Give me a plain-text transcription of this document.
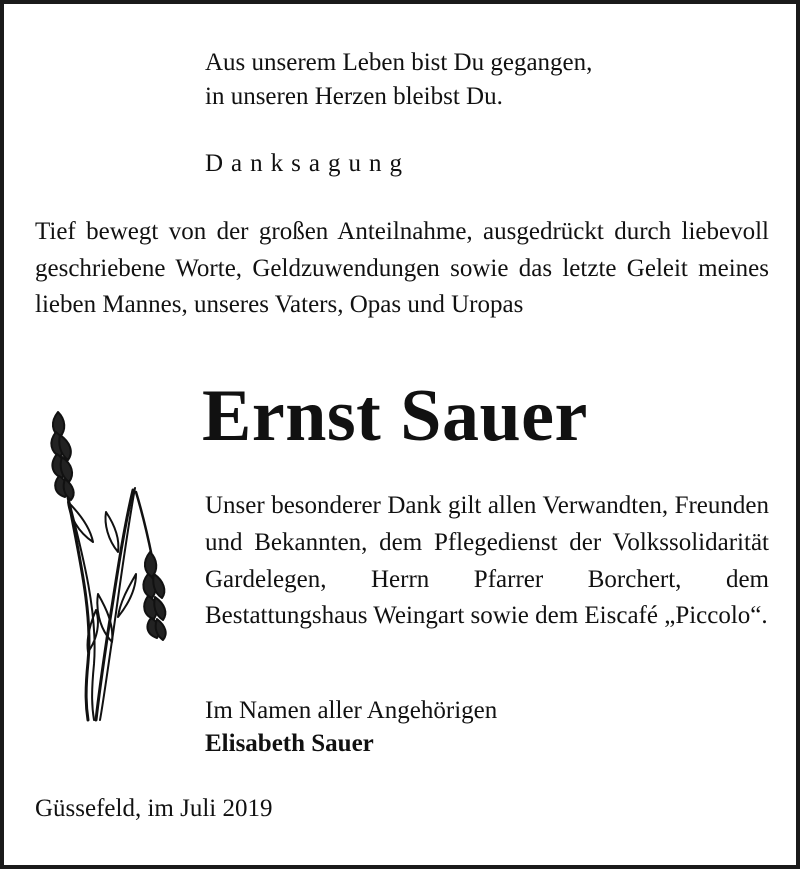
Aus unserem Leben bist Du gegangen,
in unseren Herzen bleibst Du.
Danksagung

Tief bewegt von der großen Anteilnahme, ausgedrückt durch liebevoll geschriebene Worte, Geldzuwendungen sowie das letzte Geleit meines lieben Mannes, unseres Vaters, Opas und Uropas

Ernst Sauer

Unser besonderer Dank gilt allen Verwandten, Freunden und Bekannten, dem Pflegedienst der Volkssolidarität Gardelegen, Herrn Pfarrer Borchert, dem Bestattungshaus Weingart sowie dem Eiscafé „Piccolo“.

Im Namen aller Angehörigen
Elisabeth Sauer
Güssefeld, im Juli 2019
